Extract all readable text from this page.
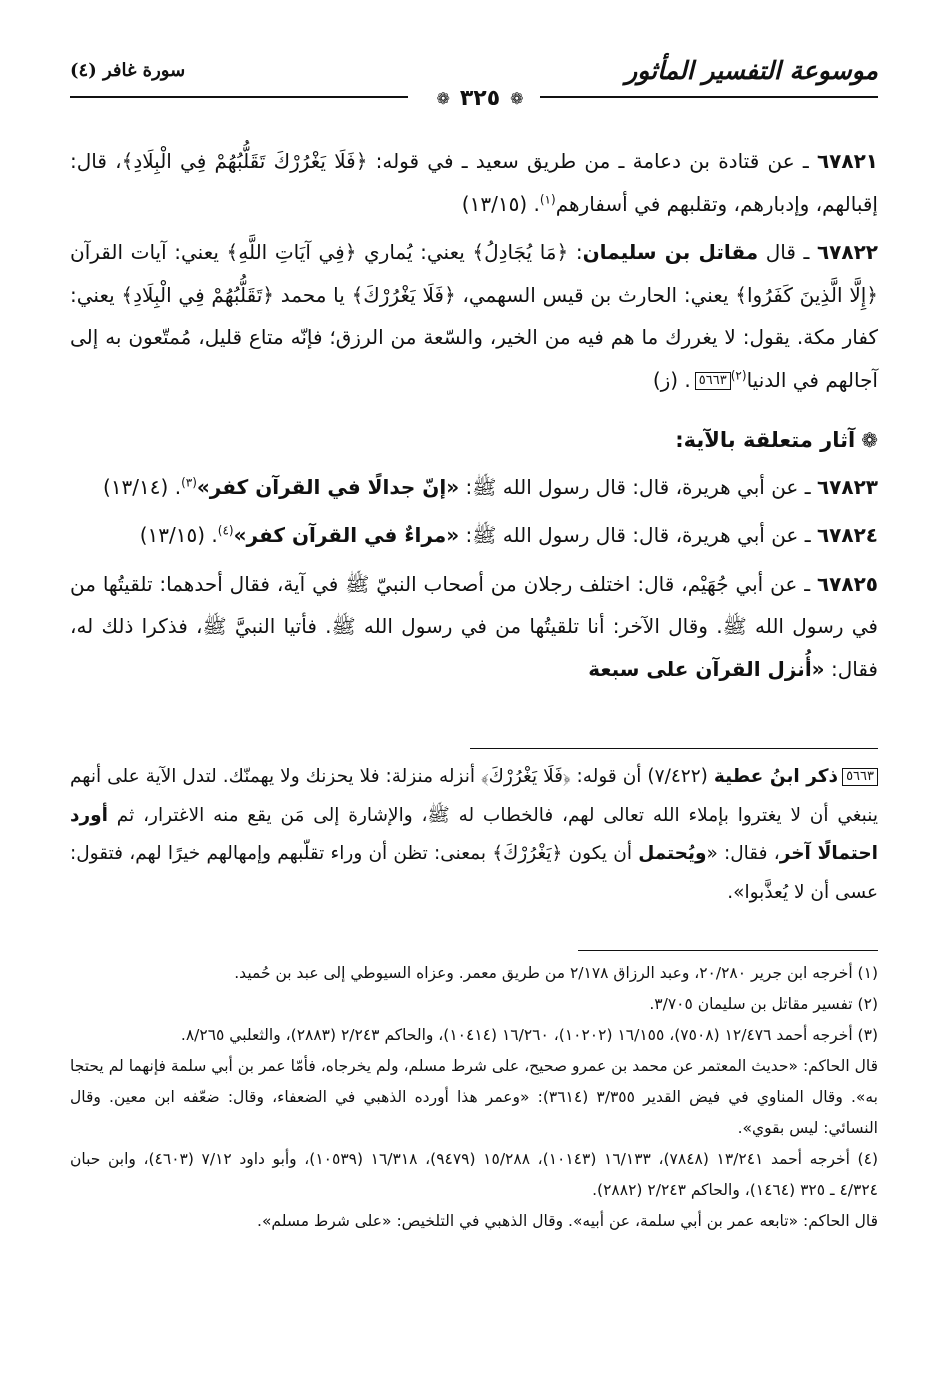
موسوعة التفسير المأثور
❁
٣٢٥
❁
سورة غافر (٤)

٦٧٨٢١ ـ عن قتادة بن دعامة ـ من طريق سعيد ـ في قوله: ﴿فَلَا يَغْرُرْكَ تَقَلُّبُهُمْ فِي الْبِلَادِ﴾، قال: إقبالهم، وإدبارهم، وتقلبهم في أسفارهم$^{(١)}$. (١٣/١٥)

٦٧٨٢٢ ـ قال مقاتل بن سليمان: ﴿مَا يُجَادِلُ﴾ يعني: يُماري ﴿فِي آيَاتِ اللَّهِ﴾ يعني: آيات القرآن ﴿إِلَّا الَّذِينَ كَفَرُوا﴾ يعني: الحارث بن قيس السهمي، ﴿فَلَا يَغْرُرْكَ﴾ يا محمد ﴿تَقَلُّبُهُمْ فِي الْبِلَادِ﴾ يعني: كفار مكة. يقول: لا يغررك ما هم فيه من الخير، والسّعة من الرزق؛ فإنّه متاع قليل، مُمتّعون به إلى آجالهم في الدنيا$^{(٢)}$٥٦٦٣. (ز)

❁آثار متعلقة بالآية:

٦٧٨٢٣ ـ عن أبي هريرة، قال: قال رسول الله ﷺ: «إنّ جدالًا في القرآن كفر»$^{(٣)}$. (١٣/١٤)

٦٧٨٢٤ ـ عن أبي هريرة، قال: قال رسول الله ﷺ: «مراءٌ في القرآن كفر»$^{(٤)}$. (١٣/١٥)

٦٧٨٢٥ ـ عن أبي جُهَيْم، قال: اختلف رجلان من أصحاب النبيّ ﷺ في آية، فقال أحدهما: تلقيتُها من في رسول الله ﷺ. وقال الآخر: أنا تلقيتُها من في رسول الله ﷺ. فأتيا النبيَّ ﷺ، فذكرا ذلك له، فقال: «أُنزل القرآن على سبعة

٥٦٦٣ذكر ابنُ عطية (٧/٤٢٢) أن قوله: ﴿فَلَا يَغْرُرْكَ﴾ أنزله منزلة: فلا يحزنك ولا يهمنّك. لتدل الآية على أنهم ينبغي أن لا يغتروا بإملاء الله تعالى لهم، فالخطاب له ﷺ، والإشارة إلى مَن يقع منه الاغترار، ثم أورد احتمالًا آخر، فقال: «ويُحتمل أن يكون ﴿يَغْرُرْكَ﴾ بمعنى: تظن أن وراء تقلّبهم وإمهالهم خيرًا لهم، فتقول: عسى أن لا يُعذَّبوا».

(١) أخرجه ابن جرير ٢٠/٢٨٠، وعبد الرزاق ٢/١٧٨ من طريق معمر. وعزاه السيوطي إلى عبد بن حُميد.

(٢) تفسير مقاتل بن سليمان ٣/٧٠٥.

(٣) أخرجه أحمد ١٢/٤٧٦ (٧٥٠٨)، ١٦/١٥٥ (١٠٢٠٢)، ١٦/٢٦٠ (١٠٤١٤)، والحاكم ٢/٢٤٣ (٢٨٨٣)، والثعلبي ٨/٢٦٥.

قال الحاكم: «حديث المعتمر عن محمد بن عمرو صحيح، على شرط مسلم، ولم يخرجاه، فأمّا عمر بن أبي سلمة فإنهما لم يحتجا به». وقال المناوي في فيض القدير ٣/٣٥٥ (٣٦١٤): «وعمر هذا أورده الذهبي في الضعفاء، وقال: ضعّفه ابن معين. وقال النسائي: ليس بقوي».

(٤) أخرجه أحمد ١٣/٢٤١ (٧٨٤٨)، ١٦/١٣٣ (١٠١٤٣)، ١٥/٢٨٨ (٩٤٧٩)، ١٦/٣١٨ (١٠٥٣٩)، وأبو داود ٧/١٢ (٤٦٠٣)، وابن حبان ٤/٣٢٤ ـ ٣٢٥ (١٤٦٤)، والحاكم ٢/٢٤٣ (٢٨٨٢).

قال الحاكم: «تابعه عمر بن أبي سلمة، عن أبيه». وقال الذهبي في التلخيص: «على شرط مسلم».
